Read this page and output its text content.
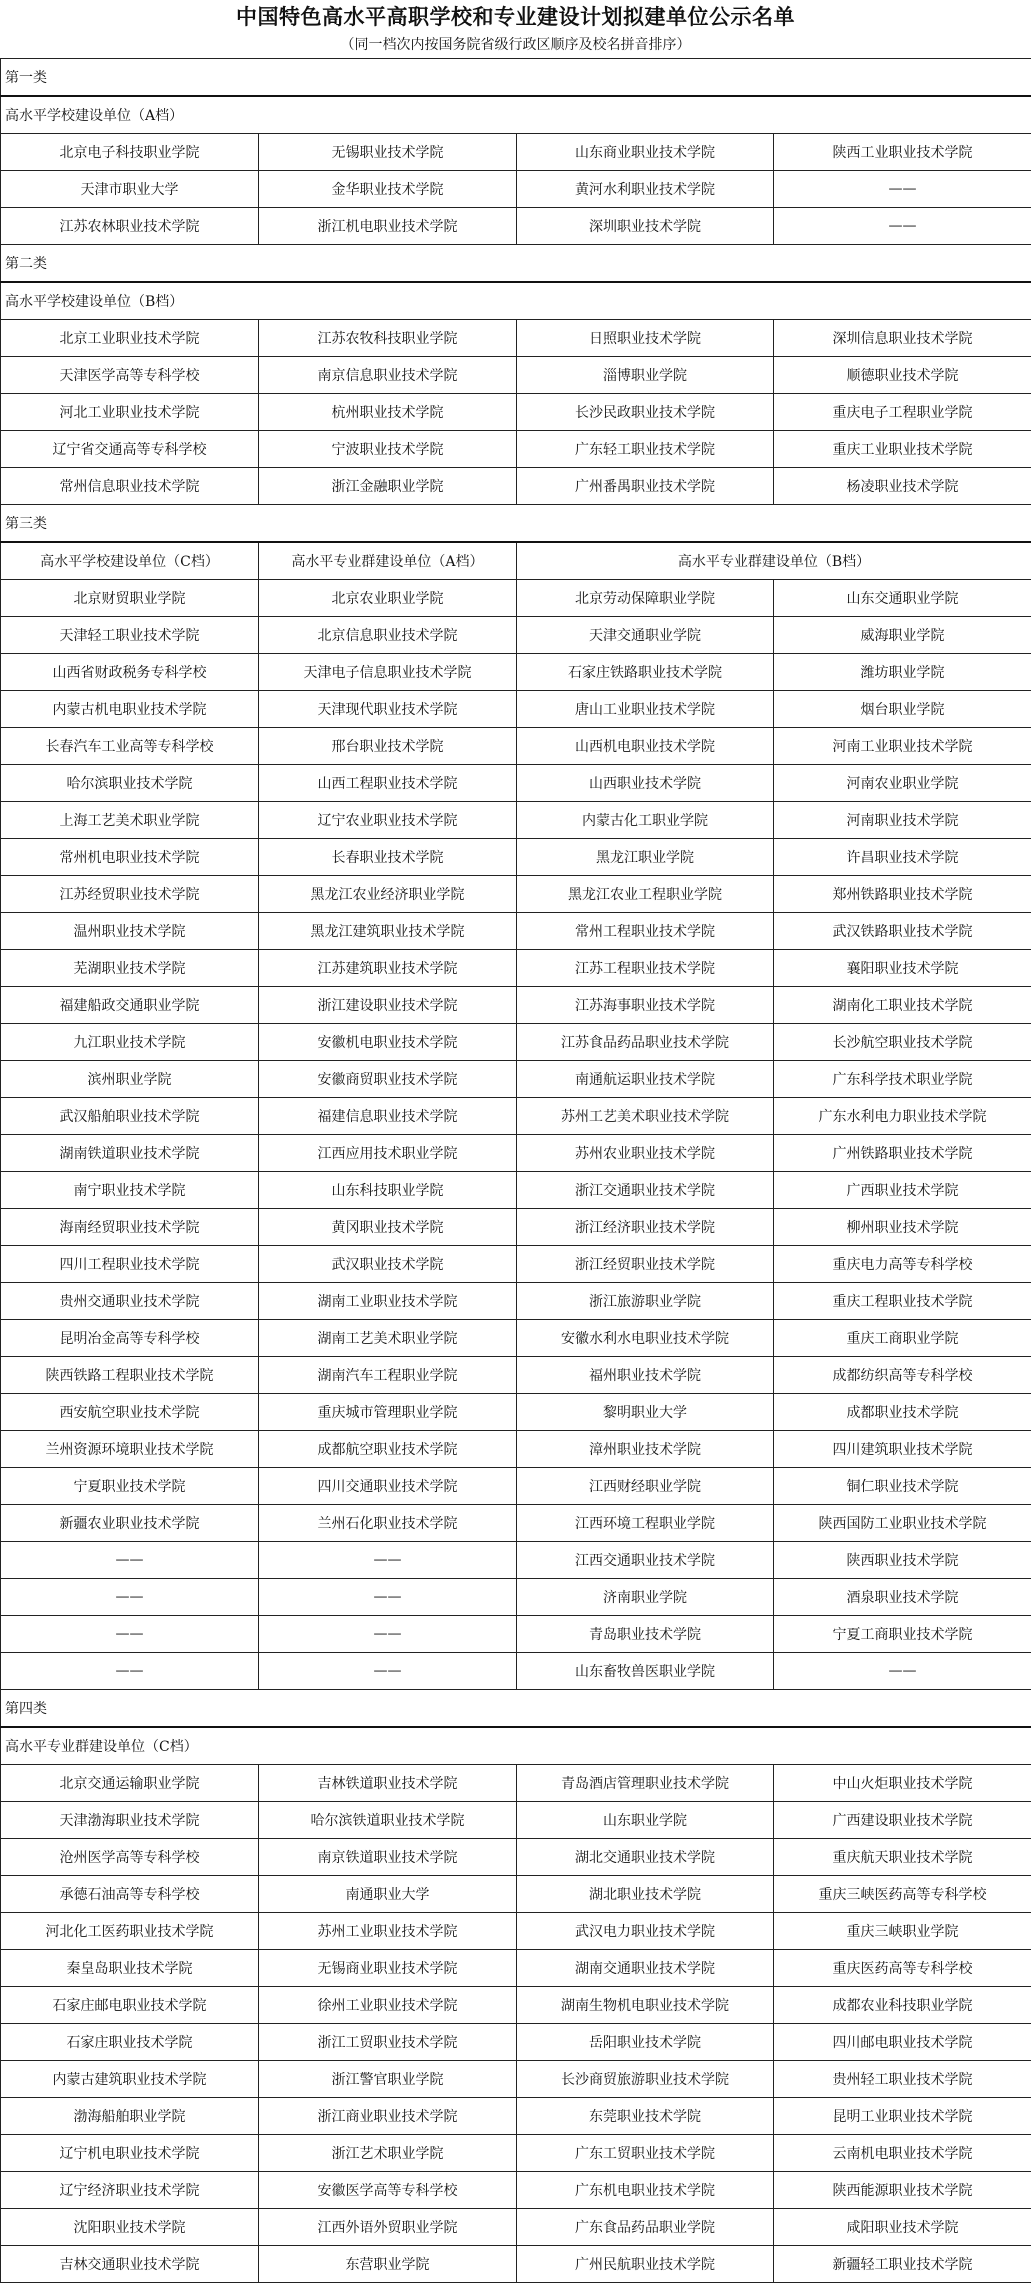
中国特色高水平高职学校和专业建设计划拟建单位公示名单
（同一档次内按国务院省级行政区顺序及校名拼音排序）
第一类			
高水平学校建设单位（A档）			
北京电子科技职业学院	无锡职业技术学院	山东商业职业技术学院	陕西工业职业技术学院
天津市职业大学	金华职业技术学院	黄河水利职业技术学院	——
江苏农林职业技术学院	浙江机电职业技术学院	深圳职业技术学院	——
第二类			
高水平学校建设单位（B档）			
北京工业职业技术学院	江苏农牧科技职业学院	日照职业技术学院	深圳信息职业技术学院
天津医学高等专科学校	南京信息职业技术学院	淄博职业学院	顺德职业技术学院
河北工业职业技术学院	杭州职业技术学院	长沙民政职业技术学院	重庆电子工程职业学院
辽宁省交通高等专科学校	宁波职业技术学院	广东轻工职业技术学院	重庆工业职业技术学院
常州信息职业技术学院	浙江金融职业学院	广州番禺职业技术学院	杨凌职业技术学院
第三类			
高水平学校建设单位（C档）	高水平专业群建设单位（A档）	高水平专业群建设单位（B档）	
北京财贸职业学院	北京农业职业学院	北京劳动保障职业学院	山东交通职业学院
天津轻工职业技术学院	北京信息职业技术学院	天津交通职业学院	威海职业学院
山西省财政税务专科学校	天津电子信息职业技术学院	石家庄铁路职业技术学院	潍坊职业学院
内蒙古机电职业技术学院	天津现代职业技术学院	唐山工业职业技术学院	烟台职业学院
长春汽车工业高等专科学校	邢台职业技术学院	山西机电职业技术学院	河南工业职业技术学院
哈尔滨职业技术学院	山西工程职业技术学院	山西职业技术学院	河南农业职业学院
上海工艺美术职业学院	辽宁农业职业技术学院	内蒙古化工职业学院	河南职业技术学院
常州机电职业技术学院	长春职业技术学院	黑龙江职业学院	许昌职业技术学院
江苏经贸职业技术学院	黑龙江农业经济职业学院	黑龙江农业工程职业学院	郑州铁路职业技术学院
温州职业技术学院	黑龙江建筑职业技术学院	常州工程职业技术学院	武汉铁路职业技术学院
芜湖职业技术学院	江苏建筑职业技术学院	江苏工程职业技术学院	襄阳职业技术学院
福建船政交通职业学院	浙江建设职业技术学院	江苏海事职业技术学院	湖南化工职业技术学院
九江职业技术学院	安徽机电职业技术学院	江苏食品药品职业技术学院	长沙航空职业技术学院
滨州职业学院	安徽商贸职业技术学院	南通航运职业技术学院	广东科学技术职业学院
武汉船舶职业技术学院	福建信息职业技术学院	苏州工艺美术职业技术学院	广东水利电力职业技术学院
湖南铁道职业技术学院	江西应用技术职业学院	苏州农业职业技术学院	广州铁路职业技术学院
南宁职业技术学院	山东科技职业学院	浙江交通职业技术学院	广西职业技术学院
海南经贸职业技术学院	黄冈职业技术学院	浙江经济职业技术学院	柳州职业技术学院
四川工程职业技术学院	武汉职业技术学院	浙江经贸职业技术学院	重庆电力高等专科学校
贵州交通职业技术学院	湖南工业职业技术学院	浙江旅游职业学院	重庆工程职业技术学院
昆明冶金高等专科学校	湖南工艺美术职业学院	安徽水利水电职业技术学院	重庆工商职业学院
陕西铁路工程职业技术学院	湖南汽车工程职业学院	福州职业技术学院	成都纺织高等专科学校
西安航空职业技术学院	重庆城市管理职业学院	黎明职业大学	成都职业技术学院
兰州资源环境职业技术学院	成都航空职业技术学院	漳州职业技术学院	四川建筑职业技术学院
宁夏职业技术学院	四川交通职业技术学院	江西财经职业学院	铜仁职业技术学院
新疆农业职业技术学院	兰州石化职业技术学院	江西环境工程职业学院	陕西国防工业职业技术学院
——	——	江西交通职业技术学院	陕西职业技术学院
——	——	济南职业学院	酒泉职业技术学院
——	——	青岛职业技术学院	宁夏工商职业技术学院
——	——	山东畜牧兽医职业学院	——
第四类			
高水平专业群建设单位（C档）			
北京交通运输职业学院	吉林铁道职业技术学院	青岛酒店管理职业技术学院	中山火炬职业技术学院
天津渤海职业技术学院	哈尔滨铁道职业技术学院	山东职业学院	广西建设职业技术学院
沧州医学高等专科学校	南京铁道职业技术学院	湖北交通职业技术学院	重庆航天职业技术学院
承德石油高等专科学校	南通职业大学	湖北职业技术学院	重庆三峡医药高等专科学校
河北化工医药职业技术学院	苏州工业职业技术学院	武汉电力职业技术学院	重庆三峡职业学院
秦皇岛职业技术学院	无锡商业职业技术学院	湖南交通职业技术学院	重庆医药高等专科学校
石家庄邮电职业技术学院	徐州工业职业技术学院	湖南生物机电职业技术学院	成都农业科技职业学院
石家庄职业技术学院	浙江工贸职业技术学院	岳阳职业技术学院	四川邮电职业技术学院
内蒙古建筑职业技术学院	浙江警官职业学院	长沙商贸旅游职业技术学院	贵州轻工职业技术学院
渤海船舶职业学院	浙江商业职业技术学院	东莞职业技术学院	昆明工业职业技术学院
辽宁机电职业技术学院	浙江艺术职业学院	广东工贸职业技术学院	云南机电职业技术学院
辽宁经济职业技术学院	安徽医学高等专科学校	广东机电职业技术学院	陕西能源职业技术学院
沈阳职业技术学院	江西外语外贸职业学院	广东食品药品职业学院	咸阳职业技术学院
吉林交通职业技术学院	东营职业学院	广州民航职业技术学院	新疆轻工职业技术学院
